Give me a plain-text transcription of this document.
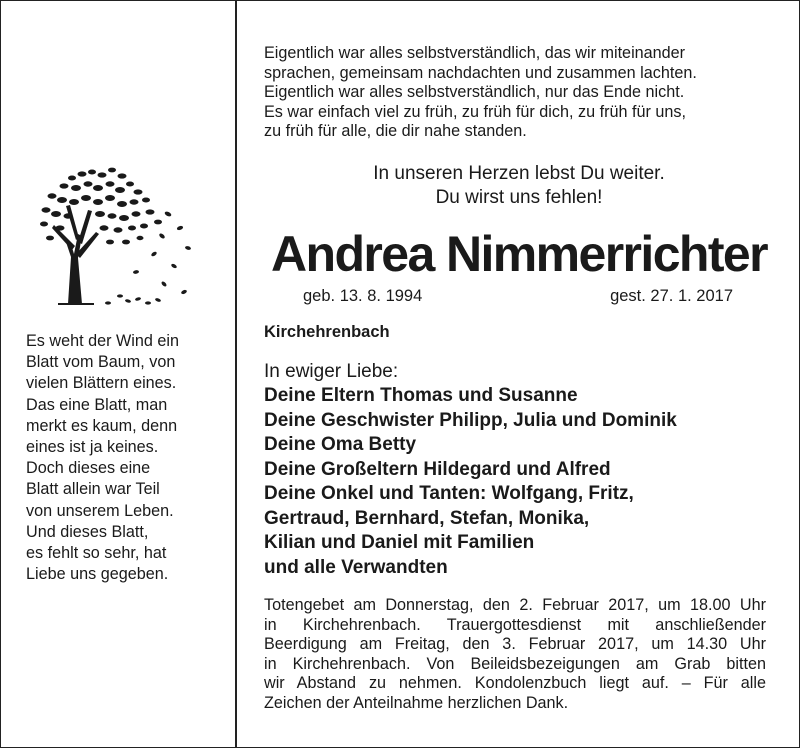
Es weht der Wind ein
Blatt vom Baum, von
vielen Blättern eines.
Das eine Blatt, man
merkt es kaum, denn
eines ist ja keines.
Doch dieses eine
Blatt allein war Teil
von unserem Leben.
Und dieses Blatt,
es fehlt so sehr, hat
Liebe uns gegeben.
Eigentlich war alles selbstverständlich, das wir miteinander
sprachen, gemeinsam nachdachten und zusammen lachten.
Eigentlich war alles selbstverständlich, nur das Ende nicht.
Es war einfach viel zu früh, zu früh für dich, zu früh für uns,
zu früh für alle, die dir nahe standen.
In unseren Herzen lebst Du weiter.
Du wirst uns fehlen!
Andrea Nimmerrichter
geb. 13. 8. 1994	gest. 27. 1. 2017
Kirchehrenbach
In ewiger Liebe:
Deine Eltern Thomas und Susanne
Deine Geschwister Philipp, Julia und Dominik
Deine Oma Betty
Deine Großeltern Hildegard und Alfred
Deine Onkel und Tanten: Wolfgang, Fritz,
Gertraud, Bernhard, Stefan, Monika,
Kilian und Daniel mit Familien
und alle Verwandten
Totengebet am Donnerstag, den 2. Februar 2017, um 18.00 Uhr
in Kirchehrenbach. Trauergottesdienst mit anschließender
Beerdigung am Freitag, den 3. Februar 2017, um 14.30 Uhr
in Kirchehrenbach. Von Beileidsbezeigungen am Grab bitten
wir Abstand zu nehmen. Kondolenzbuch liegt auf. – Für alle
Zeichen der Anteilnahme herzlichen Dank.
